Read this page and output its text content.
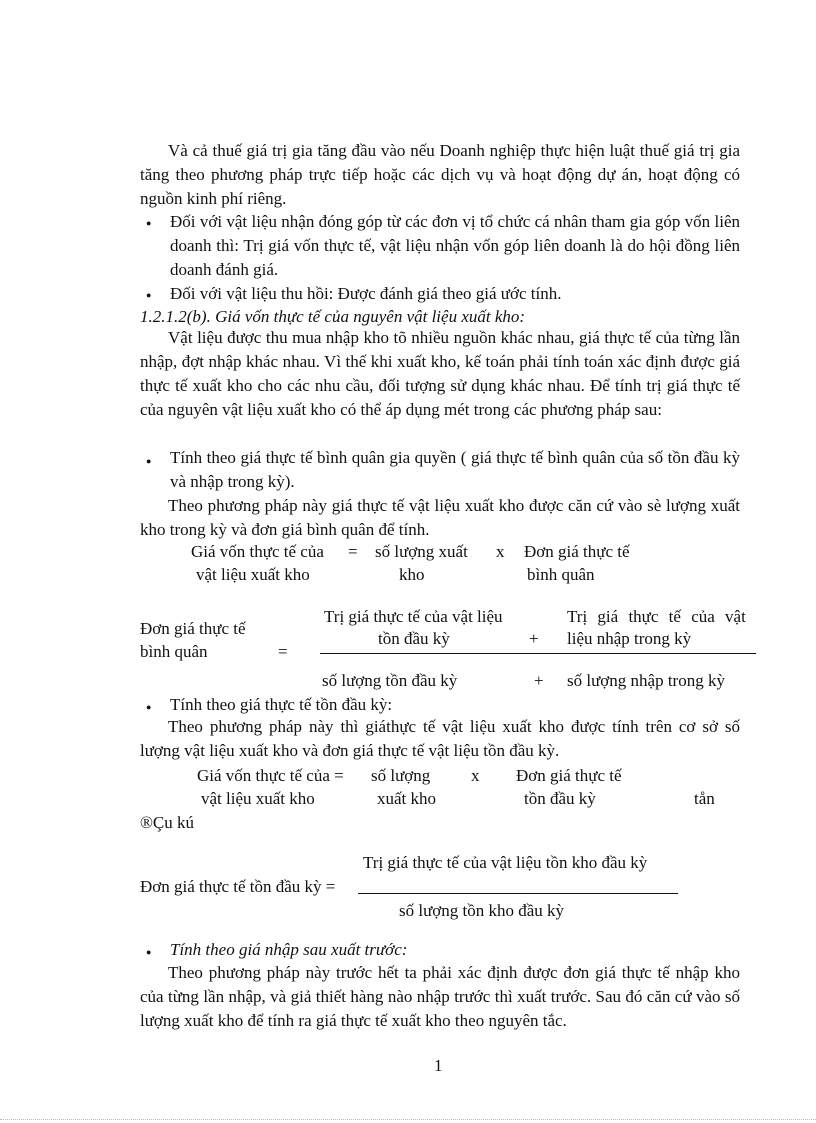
Và cả thuế giá trị gia tăng đầu vào nếu Doanh nghiệp thực hiện luật thuế giá trị gia tăng theo phương pháp trực tiếp hoặc các dịch vụ và hoạt động dự án, hoạt động có nguồn kinh phí riêng.
● Đối với vật liệu nhận đóng góp từ các đơn vị tổ chức cá nhân tham gia góp vốn liên doanh thì: Trị giá vốn thực tế, vật liệu nhận vốn góp liên doanh là do hội đồng liên doanh đánh giá.
● Đối với vật liệu thu hồi: Được đánh giá theo giá ước tính.
1.2.1.2(b). Giá vốn thực tế của nguyên vật liệu xuất kho:
Vật liệu được thu mua nhập kho tõ nhiều nguồn khác nhau, giá thực tế của từng lần nhập, đợt nhập khác nhau. Vì thế khi xuất kho, kế toán phải tính toán xác định được giá thực tế xuất kho cho các nhu cầu, đối tượng sử dụng khác nhau. Để tính trị giá thực tế của nguyên vật liệu xuất kho có thể áp dụng mét trong các phương pháp sau:
● Tính theo giá thực tế bình quân gia quyền ( giá thực tế bình quân của số tồn đầu kỳ và nhập trong kỳ).
Theo phương pháp này giá thực tế vật liệu xuất kho được căn cứ vào sè lượng xuất kho trong kỳ và đơn giá bình quân để tính.
Giá vốn thực tế của
vật liệu xuất kho
= số lượng xuất
kho
x Đơn giá thực tế
bình quân
Đơn giá thực tế
bình quân	=
Trị giá thực tế của vật liệu
tồn đầu kỳ	+
Trị giá thực tế của vật
liệu nhập trong kỳ
số lượng tồn đầu kỳ	+ số lượng nhập trong kỳ
● Tính theo giá thực tế tồn đầu kỳ:
Theo phương pháp này thì giáthực tế vật liệu xuất kho được tính trên cơ sở số lượng vật liệu xuất kho và đơn giá thực tế vật liệu tồn đầu kỳ.
Giá vốn thực tế của =
vật liệu xuất kho
số lượng
xuất kho
x Đơn giá thực tế
tồn đầu kỳ	tån
®Çu kú
Trị giá thực tế của vật liệu tồn kho đầu kỳ
Đơn giá thực tế tồn đầu kỳ =
số lượng tồn kho đầu kỳ
● Tính theo giá nhập sau xuất trước:
Theo phương pháp này trước hết ta phải xác định được đơn giá thực tế nhập kho của từng lần nhập, và giả thiết hàng nào nhập trước thì xuất trước. Sau đó căn cứ vào số lượng xuất kho để tính ra giá thực tế xuất kho theo nguyên tắc.
1
